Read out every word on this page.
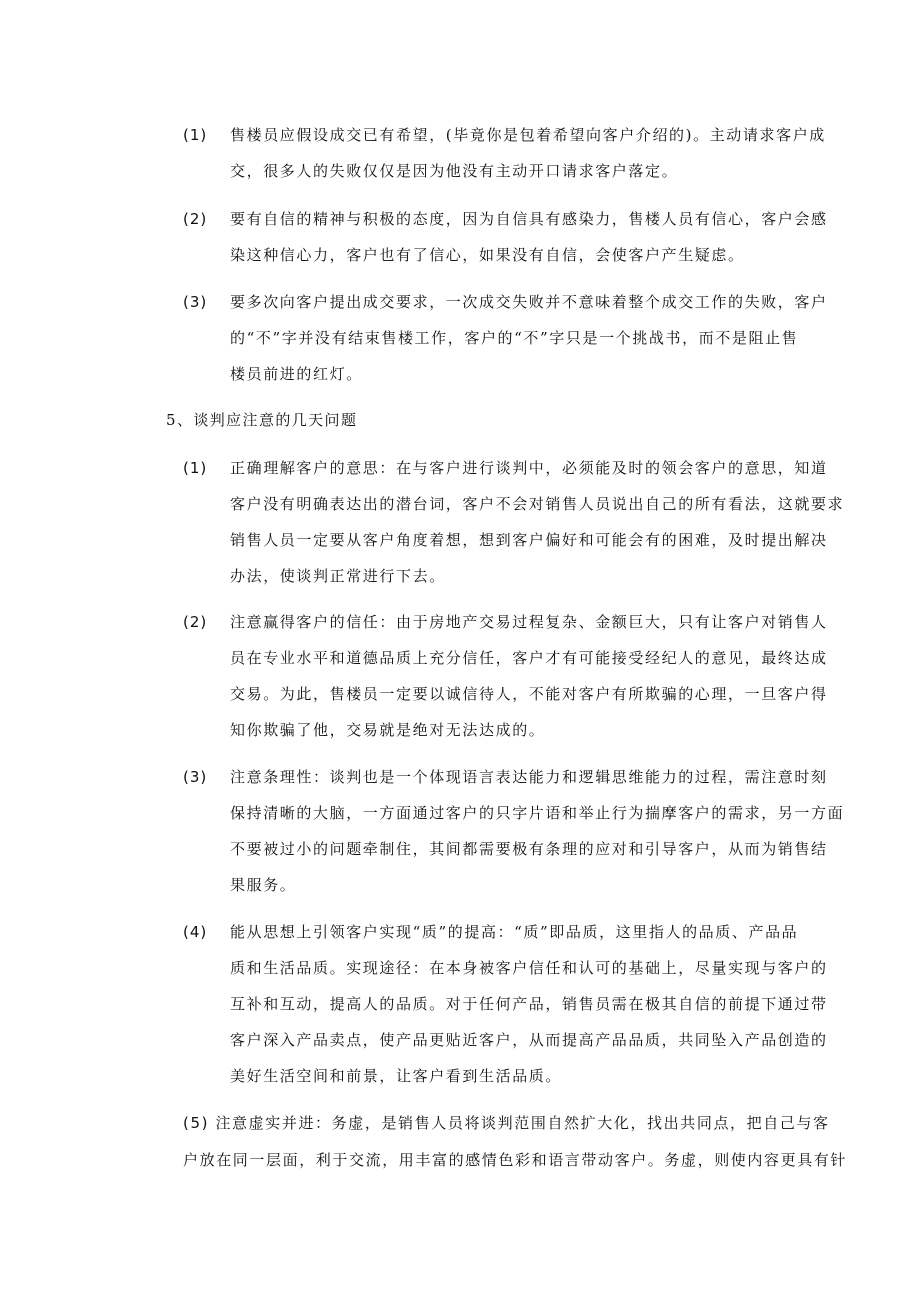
(1) 售楼员应假设成交已有希望，(毕竟你是包着希望向客户介绍的)。主动请求客户成
交，很多人的失败仅仅是因为他没有主动开口请求客户落定。
(2) 要有自信的精神与积极的态度，因为自信具有感染力，售楼人员有信心，客户会感
染这种信心力，客户也有了信心，如果没有自信，会使客户产生疑虑。
(3) 要多次向客户提出成交要求，一次成交失败并不意味着整个成交工作的失败，客户
的“不”字并没有结束售楼工作，客户的“不”字只是一个挑战书，而不是阻止售
楼员前进的红灯。
5、谈判应注意的几天问题
(1) 正确理解客户的意思：在与客户进行谈判中，必须能及时的领会客户的意思，知道
客户没有明确表达出的潜台词，客户不会对销售人员说出自己的所有看法，这就要求
销售人员一定要从客户角度着想，想到客户偏好和可能会有的困难，及时提出解决
办法，使谈判正常进行下去。
(2) 注意赢得客户的信任：由于房地产交易过程复杂、金额巨大，只有让客户对销售人
员在专业水平和道德品质上充分信任，客户才有可能接受经纪人的意见，最终达成
交易。为此，售楼员一定要以诚信待人，不能对客户有所欺骗的心理，一旦客户得
知你欺骗了他，交易就是绝对无法达成的。
(3) 注意条理性：谈判也是一个体现语言表达能力和逻辑思维能力的过程，需注意时刻
保持清晰的大脑，一方面通过客户的只字片语和举止行为揣摩客户的需求，另一方面
不要被过小的问题牵制住，其间都需要极有条理的应对和引导客户，从而为销售结
果服务。
(4) 能从思想上引领客户实现“质”的提高：“质”即品质，这里指人的品质、产品品
质和生活品质。实现途径：在本身被客户信任和认可的基础上，尽量实现与客户的
互补和互动，提高人的品质。对于任何产品，销售员需在极其自信的前提下通过带
客户深入产品卖点，使产品更贴近客户，从而提高产品品质，共同坠入产品创造的
美好生活空间和前景，让客户看到生活品质。
(5) 注意虚实并进：务虚，是销售人员将谈判范围自然扩大化，找出共同点，把自己与客
户放在同一层面，利于交流，用丰富的感情色彩和语言带动客户。务虚，则使内容更具有针
